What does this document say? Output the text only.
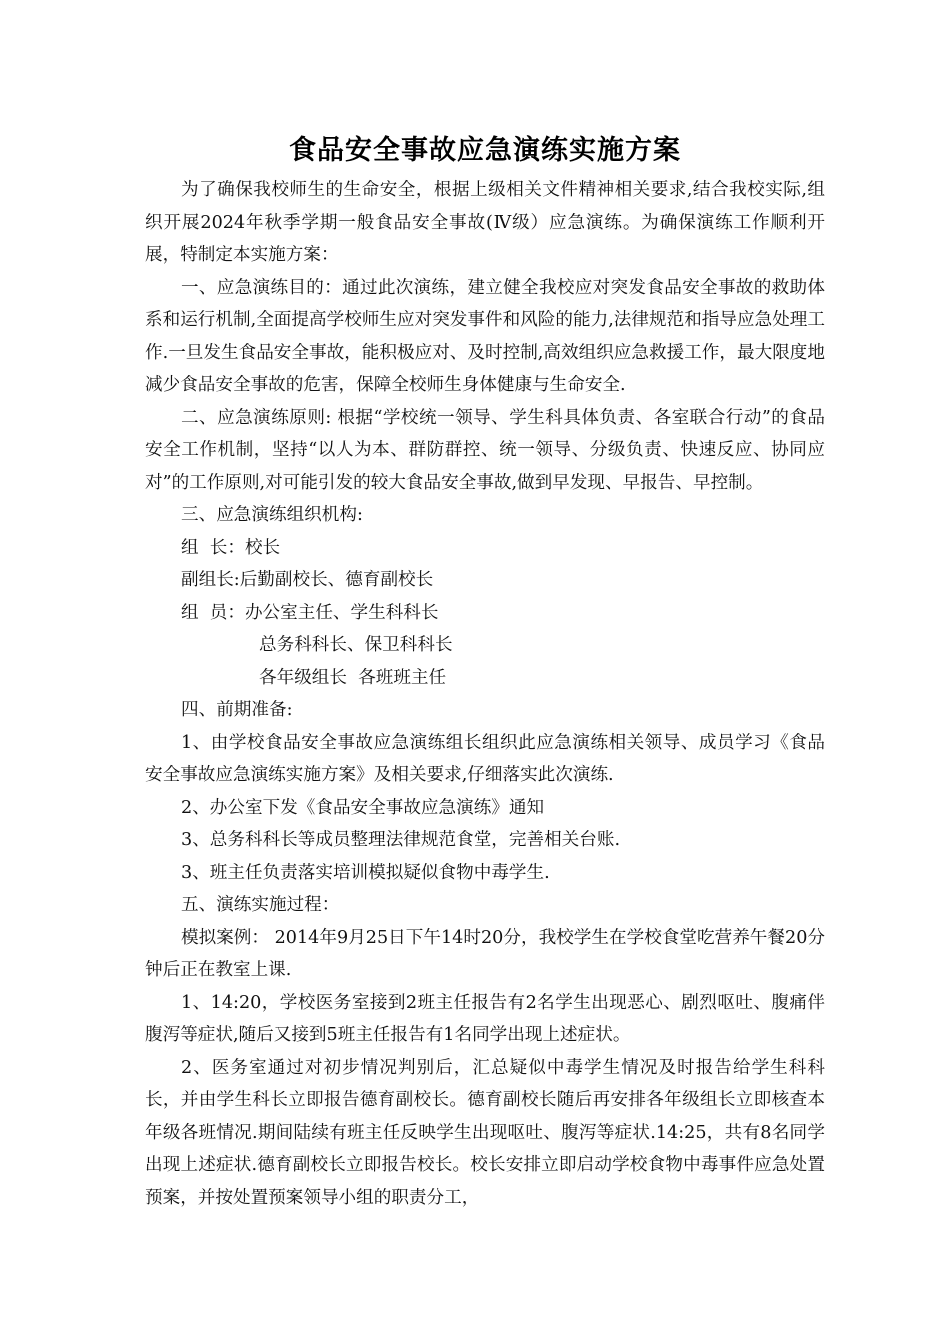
食品安全事故应急演练实施方案

为了确保我校师生的生命安全，根据上级相关文件精神相关要求,结合我校实际,组织开展2024年秋季学期一般食品安全事故(Ⅳ级）应急演练。为确保演练工作顺利开展，特制定本实施方案：

一、应急演练目的：通过此次演练，建立健全我校应对突发食品安全事故的救助体系和运行机制,全面提高学校师生应对突发事件和风险的能力,法律规范和指导应急处理工作.一旦发生食品安全事故，能积极应对、及时控制,高效组织应急救援工作，最大限度地减少食品安全事故的危害，保障全校师生身体健康与生命安全.

二、应急演练原则: 根据“学校统一领导、学生科具体负责、各室联合行动”的食品安全工作机制，坚持“以人为本、群防群控、统一领导、分级负责、快速反应、协同应对”的工作原则,对可能引发的较大食品安全事故,做到早发现、早报告、早控制。

三、应急演练组织机构:

组  长：校长

副组长:后勤副校长、德育副校长

组  员：办公室主任、学生科科长

总务科科长、保卫科科长

各年级组长  各班班主任

四、前期准备:

1、由学校食品安全事故应急演练组长组织此应急演练相关领导、成员学习《食品安全事故应急演练实施方案》及相关要求,仔细落实此次演练.

2、办公室下发《食品安全事故应急演练》通知

3、总务科科长等成员整理法律规范食堂，完善相关台账.

3、班主任负责落实培训模拟疑似食物中毒学生.

五、演练实施过程：

模拟案例： 2014年9月25日下午14时20分，我校学生在学校食堂吃营养午餐20分钟后正在教室上课.

1、14:20，学校医务室接到2班主任报告有2名学生出现恶心、剧烈呕吐、腹痛伴腹泻等症状,随后又接到5班主任报告有1名同学出现上述症状。

2、医务室通过对初步情况判别后，汇总疑似中毒学生情况及时报告给学生科科长，并由学生科长立即报告德育副校长。德育副校长随后再安排各年级组长立即核查本年级各班情况.期间陆续有班主任反映学生出现呕吐、腹泻等症状.14:25，共有8名同学出现上述症状.德育副校长立即报告校长。校长安排立即启动学校食物中毒事件应急处置预案，并按处置预案领导小组的职责分工，
